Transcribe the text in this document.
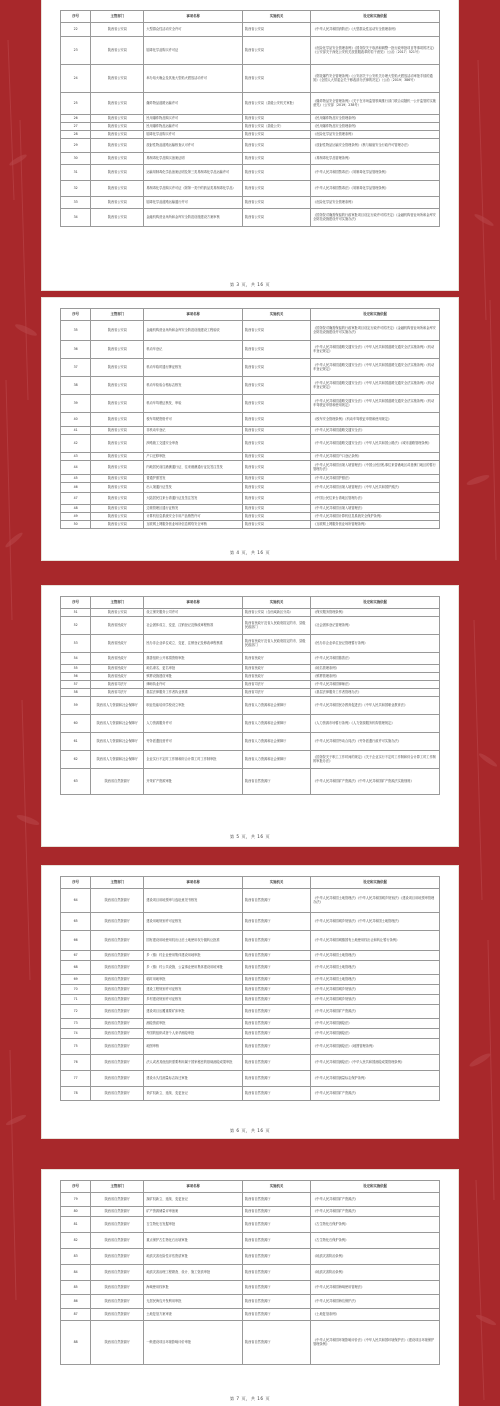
序号	主管部门	事项名称	实施机关	设定和实施依据
22	陕西省公安局	大型群众性活动安全许可	陕西省公安局	《中华人民共和国消防法》《大型群众性活动安全管理条例》
23	陕西省公安局	剧毒化学品购买许可证	陕西省公安局	《危险化学品安全管理条例》《国务院关于取消和调整一批行政审批项目等事项的决定》《公安部关于深化公安机关放管服改革的若干意见》（公治〔2017〕521号）
24	陕西省公安局	举办焰火晚会及其他大型焰火燃放活动许可	陕西省公安局	《烟花爆竹安全管理条例》《公安部关于公安机关办理大型焰火燃放活动审批手续的通知》《全国人大常委会关于修改部分法律的决定》（公治〔2019〕386号）
25	陕西省公安局	爆炸物品道路运输许可	陕西省公安局（县级公安机关审批）	《爆炸物品安全管理条例》《关于在市场监管领域推行部门联合双随机一公开监管的实施意见》（公安部〔2019〕238号）
26	陕西省公安局	民用爆炸物品购买许可	陕西省公安局	《民用爆炸物品安全管理条例》
27	陕西省公安局	民用爆炸物品运输许可	陕西省公安局（县级公安）	《民用爆炸物品安全管理条例》
28	陕西省公安局	剧毒化学品购买许可	陕西省公安局	《危险化学品安全管理条例》
29	陕西省公安局	放射性物品道路运输核查认可许可	陕西省公安局	《放射性物品运输安全管理条例》《核与辐射安全行政许可管理办法》
30	陕西省公安局	易制毒化学品购买备案证明	陕西省公安局	《易制毒化学品管理条例》
31	陕西省公安局	运输易制毒化学品备案证明及第三类易制毒化学品运输许可	陕西省公安局	《中华人民共和国禁毒法》《易制毒化学品管理条例》
32	陕西省公安局	易制毒化学品购买许可证（除第一类中的药品类易制毒化学品）	陕西省公安局	《中华人民共和国禁毒法》《易制毒化学品管理条例》
33	陕西省公安局	剧毒化学品道路运输通行许可	陕西省公安局	《危险化学品安全管理条例》
34	陕西省公安局	金融机构营业场所和金库安全防范设施建设方案审核	陕西省公安局	《国务院对确需保留的行政审批项目设定行政许可的决定》《金融机构营业场所和金库安全防范设施建设许可实施办法》
第 3 页，共 16 页
序号	主管部门	事项名称	实施机关	设定和实施依据
35	陕西省公安局	金融机构营业场所和金库安全防范设施建设工程验收	陕西省公安局	《国务院对确需保留的行政审批项目设定行政许可的决定》《金融机构营业场所和金库安全防范设施建设许可实施办法》
36	陕西省公安局	机动车登记	陕西省公安局	《中华人民共和国道路交通安全法》《中华人民共和国道路交通安全法实施条例》《机动车登记规定》
37	陕西省公安局	机动车临时通行牌证核发	陕西省公安局	《中华人民共和国道路交通安全法》《中华人民共和国道路交通安全法实施条例》《机动车登记规定》
38	陕西省公安局	机动车检验合格标志核发	陕西省公安局	《中华人民共和国道路交通安全法》《中华人民共和国道路交通安全法实施条例》《机动车登记规定》
39	陕西省公安局	机动车驾驶证核发、审验	陕西省公安局	《中华人民共和国道路交通安全法》《中华人民共和国道路交通安全法实施条例》《机动车驾驶证申领和使用规定》
40	陕西省公安局	校车驾驶资格许可	陕西省公安局	《校车安全管理条例》《机动车驾驶证申领和使用规定》
41	陕西省公安局	非机动车登记	陕西省公安局	《中华人民共和国道路交通安全法》
42	陕西省公安局	涉路施工交通安全审查	陕西省公安局	《中华人民共和国道路交通安全法》《中华人民共和国公路法》《城市道路管理条例》
43	陕西省公安局	户口迁移审批	陕西省公安局	《中华人民共和国户口登记条例》
44	陕西省公安局	内地居民前往港澳通行证、往来港澳通行证及签注签发	陕西省公安局	《中华人民共和国出境入境管理法》《中国公民因私事往来香港地区或者澳门地区的暂行管理办法》
45	陕西省公安局	普通护照签发	陕西省公安局	《中华人民共和国护照法》
46	陕西省公安局	出入境通行证签发	陕西省公安局	《中华人民共和国出境入境管理法》《中华人民共和国护照法》
47	陕西省公安局	大陆居民往来台湾通行证及签注签发	陕西省公安局	《中国公民往来台湾地区管理办法》
48	陕西省公安局	边境管理区通行证核发	陕西省公安局	《中华人民共和国出境入境管理法》
49	陕西省公安局	计算机信息系统安全专用产品销售许可	陕西省公安局	《中华人民共和国计算机信息系统安全保护条例》
50	陕西省公安局	互联网上网服务营业场所信息网络安全审核	陕西省公安局	《互联网上网服务营业场所管理条例》
第 4 页，共 16 页
序号	主管部门	事项名称	实施机关	设定和实施依据
51	陕西省公安局	设立保安服务公司许可	陕西省公安局（含西咸新区分局）	《保安服务管理条例》
52	陕西省民政厅	社会团体成立、变更、注销登记及修改章程核准	陕西省民政厅及省人民政府指定的市、县级民政部门	《社会团体登记管理条例》
53	陕西省民政厅	民办非企业单位成立、变更、注销登记及修改章程核准	陕西省民政厅及省人民政府指定的市、县级民政部门	《民办非企业单位登记管理暂行条例》
54	陕西省民政厅	慈善组织公开募捐资格审批	陕西省民政厅	《中华人民共和国慈善法》
55	陕西省民政厅	地名命名、更名审批	陕西省民政厅	《地名管理条例》
56	陕西省民政厅	殡葬设施建设审批	陕西省民政厅	《殡葬管理条例》
57	陕西省司法厅	律师执业许可	陕西省司法厅	《中华人民共和国律师法》
58	陕西省司法厅	基层法律服务工作者执业核准	陕西省司法厅	《基层法律服务工作者管理办法》
59	陕西省人力资源和社会保障厅	职业技能培训学校设立审批	陕西省人力资源和社会保障厅	《中华人民共和国民办教育促进法》《中华人民共和国职业教育法》
60	陕西省人力资源和社会保障厅	人力资源服务许可	陕西省人力资源和社会保障厅	《人力资源市场暂行条例》《人力资源服务机构管理规定》
61	陕西省人力资源和社会保障厅	劳务派遣经营许可	陕西省人力资源和社会保障厅	《中华人民共和国劳动合同法》《劳务派遣行政许可实施办法》
62	陕西省人力资源和社会保障厅	企业实行不定时工作制和综合计算工时工作制审批	陕西省人力资源和社会保障厅	《国务院关于职工工作时间的规定》《关于企业实行不定时工作制和综合计算工时工作制的审批办法》
63	陕西省自然资源厅	开采矿产资源审批	陕西省自然资源厅	《中华人民共和国矿产资源法》《中华人民共和国矿产资源法实施细则》
第 5 页，共 16 页
序号	主管部门	事项名称	实施机关	设定和实施依据
64	陕西省自然资源厅	建设项目用地预审与选址意见书核发	陕西省自然资源厅	《中华人民共和国土地管理法》《中华人民共和国城乡规划法》《建设项目用地预审管理办法》
65	陕西省自然资源厅	建设用地规划许可证核发	陕西省自然资源厅	《中华人民共和国城乡规划法》《中华人民共和国土地管理法》
66	陕西省自然资源厅	国有建设用地使用权出让后土地使用权分割转让批准	陕西省自然资源厅	《中华人民共和国城镇国有土地使用权出让和转让暂行条例》
67	陕西省自然资源厅	乡（镇）村企业使用集体建设用地审批	陕西省自然资源厅	《中华人民共和国土地管理法》
68	陕西省自然资源厅	乡（镇）村公共设施、公益事业使用集体建设用地审批	陕西省自然资源厅	《中华人民共和国土地管理法》
69	陕西省自然资源厅	临时用地审批	陕西省自然资源厅	《中华人民共和国土地管理法》
70	陕西省自然资源厅	建设工程规划许可证核发	陕西省自然资源厅	《中华人民共和国城乡规划法》
71	陕西省自然资源厅	乡村建设规划许可证核发	陕西省自然资源厅	《中华人民共和国城乡规划法》
72	陕西省自然资源厅	建设项目压覆重要矿床审批	陕西省自然资源厅	《中华人民共和国矿产资源法》
73	陕西省自然资源厅	测绘资质审批	陕西省自然资源厅	《中华人民共和国测绘法》
74	陕西省自然资源厅	外国的组织或者个人来华测绘审批	陕西省自然资源厅	《中华人民共和国测绘法》
75	陕西省自然资源厅	地图审核	陕西省自然资源厅	《中华人民共和国测绘法》《地图管理条例》
76	陕西省自然资源厅	法人或者其他组织需要利用属于国家秘密的基础测绘成果审批	陕西省自然资源厅	《中华人民共和国测绘法》《中华人民共和国测绘成果管理条例》
77	陕西省自然资源厅	建设永久性测量标志拆迁审批	陕西省自然资源厅	《中华人民共和国测量标志保护条例》
78	陕西省自然资源厅	采矿权新立、延续、变更登记	陕西省自然资源厅	《中华人民共和国矿产资源法》
第 6 页，共 16 页
序号	主管部门	事项名称	实施机关	设定和实施依据
79	陕西省自然资源厅	探矿权新立、延续、变更登记	陕西省自然资源厅	《中华人民共和国矿产资源法》
80	陕西省自然资源厅	矿产资源储量评审备案	陕西省自然资源厅	《中华人民共和国矿产资源法》
81	陕西省自然资源厅	古生物化石发掘审批	陕西省自然资源厅	《古生物化石保护条例》
82	陕西省自然资源厅	重点保护古生物化石出境审批	陕西省自然资源厅	《古生物化石保护条例》
83	陕西省自然资源厅	地质灾害危险性评估资质审批	陕西省自然资源厅	《地质灾害防治条例》
84	陕西省自然资源厅	地质灾害治理工程勘查、设计、施工资质审批	陕西省自然资源厅	《地质灾害防治条例》
85	陕西省自然资源厅	海域使用权审批	陕西省自然资源厅	《中华人民共和国海域使用管理法》
86	陕西省自然资源厅	无居民海岛开发利用审批	陕西省自然资源厅	《中华人民共和国海岛保护法》
87	陕西省自然资源厅	土地复垦方案审查	陕西省自然资源厅	《土地复垦条例》
88	陕西省自然资源厅	一般建设项目环境影响评价审批	陕西省自然资源厅	《中华人民共和国环境影响评价法》《中华人民共和国环境保护法》《建设项目环境保护管理条例》
第 7 页，共 16 页
